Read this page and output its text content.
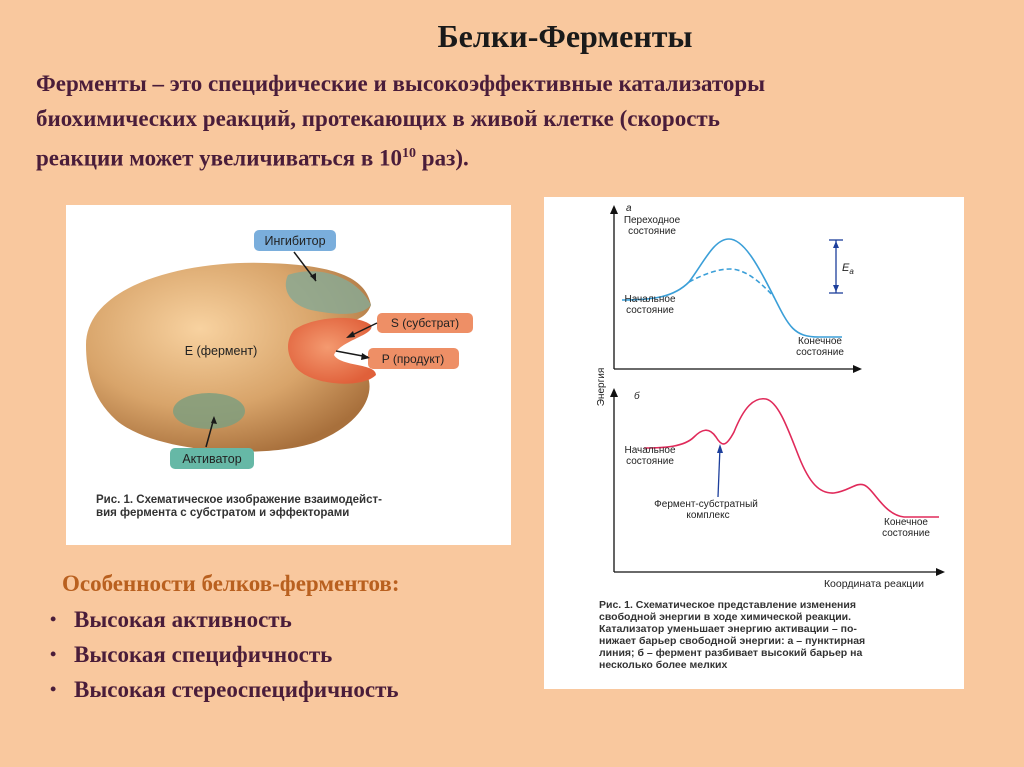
Белки-Ферменты
Ферменты – это специфические и высокоэффективные катализаторы
биохимических реакций, протекающих в живой клетке (скорость
реакции может увеличиваться в $10^{10}$ раз).
Ингибитор
S (субстрат)
P (продукт)
E (фермент)
Активатор
Рис. 1. Схематическое изображение взаимодейст-
вия фермента с субстратом и эффекторами
a
Переходное
состояние
Начальное
состояние
Конечное
состояние
$E_a$
Энергия	б
Начальное
состояние
Фермент-субстратный
комплекс
Конечное
состояние
Координата реакции
Рис. 1. Схематическое представление изменения
свободной энергии в ходе химической реакции.
Катализатор уменьшает энергию активации – по-
нижает барьер свободной энергии: а – пунктирная
линия; б – фермент разбивает высокий барьер на
несколько более мелких
Особенности белков-ферментов:
• Высокая активность
• Высокая специфичность
• Высокая стереоспецифичность
